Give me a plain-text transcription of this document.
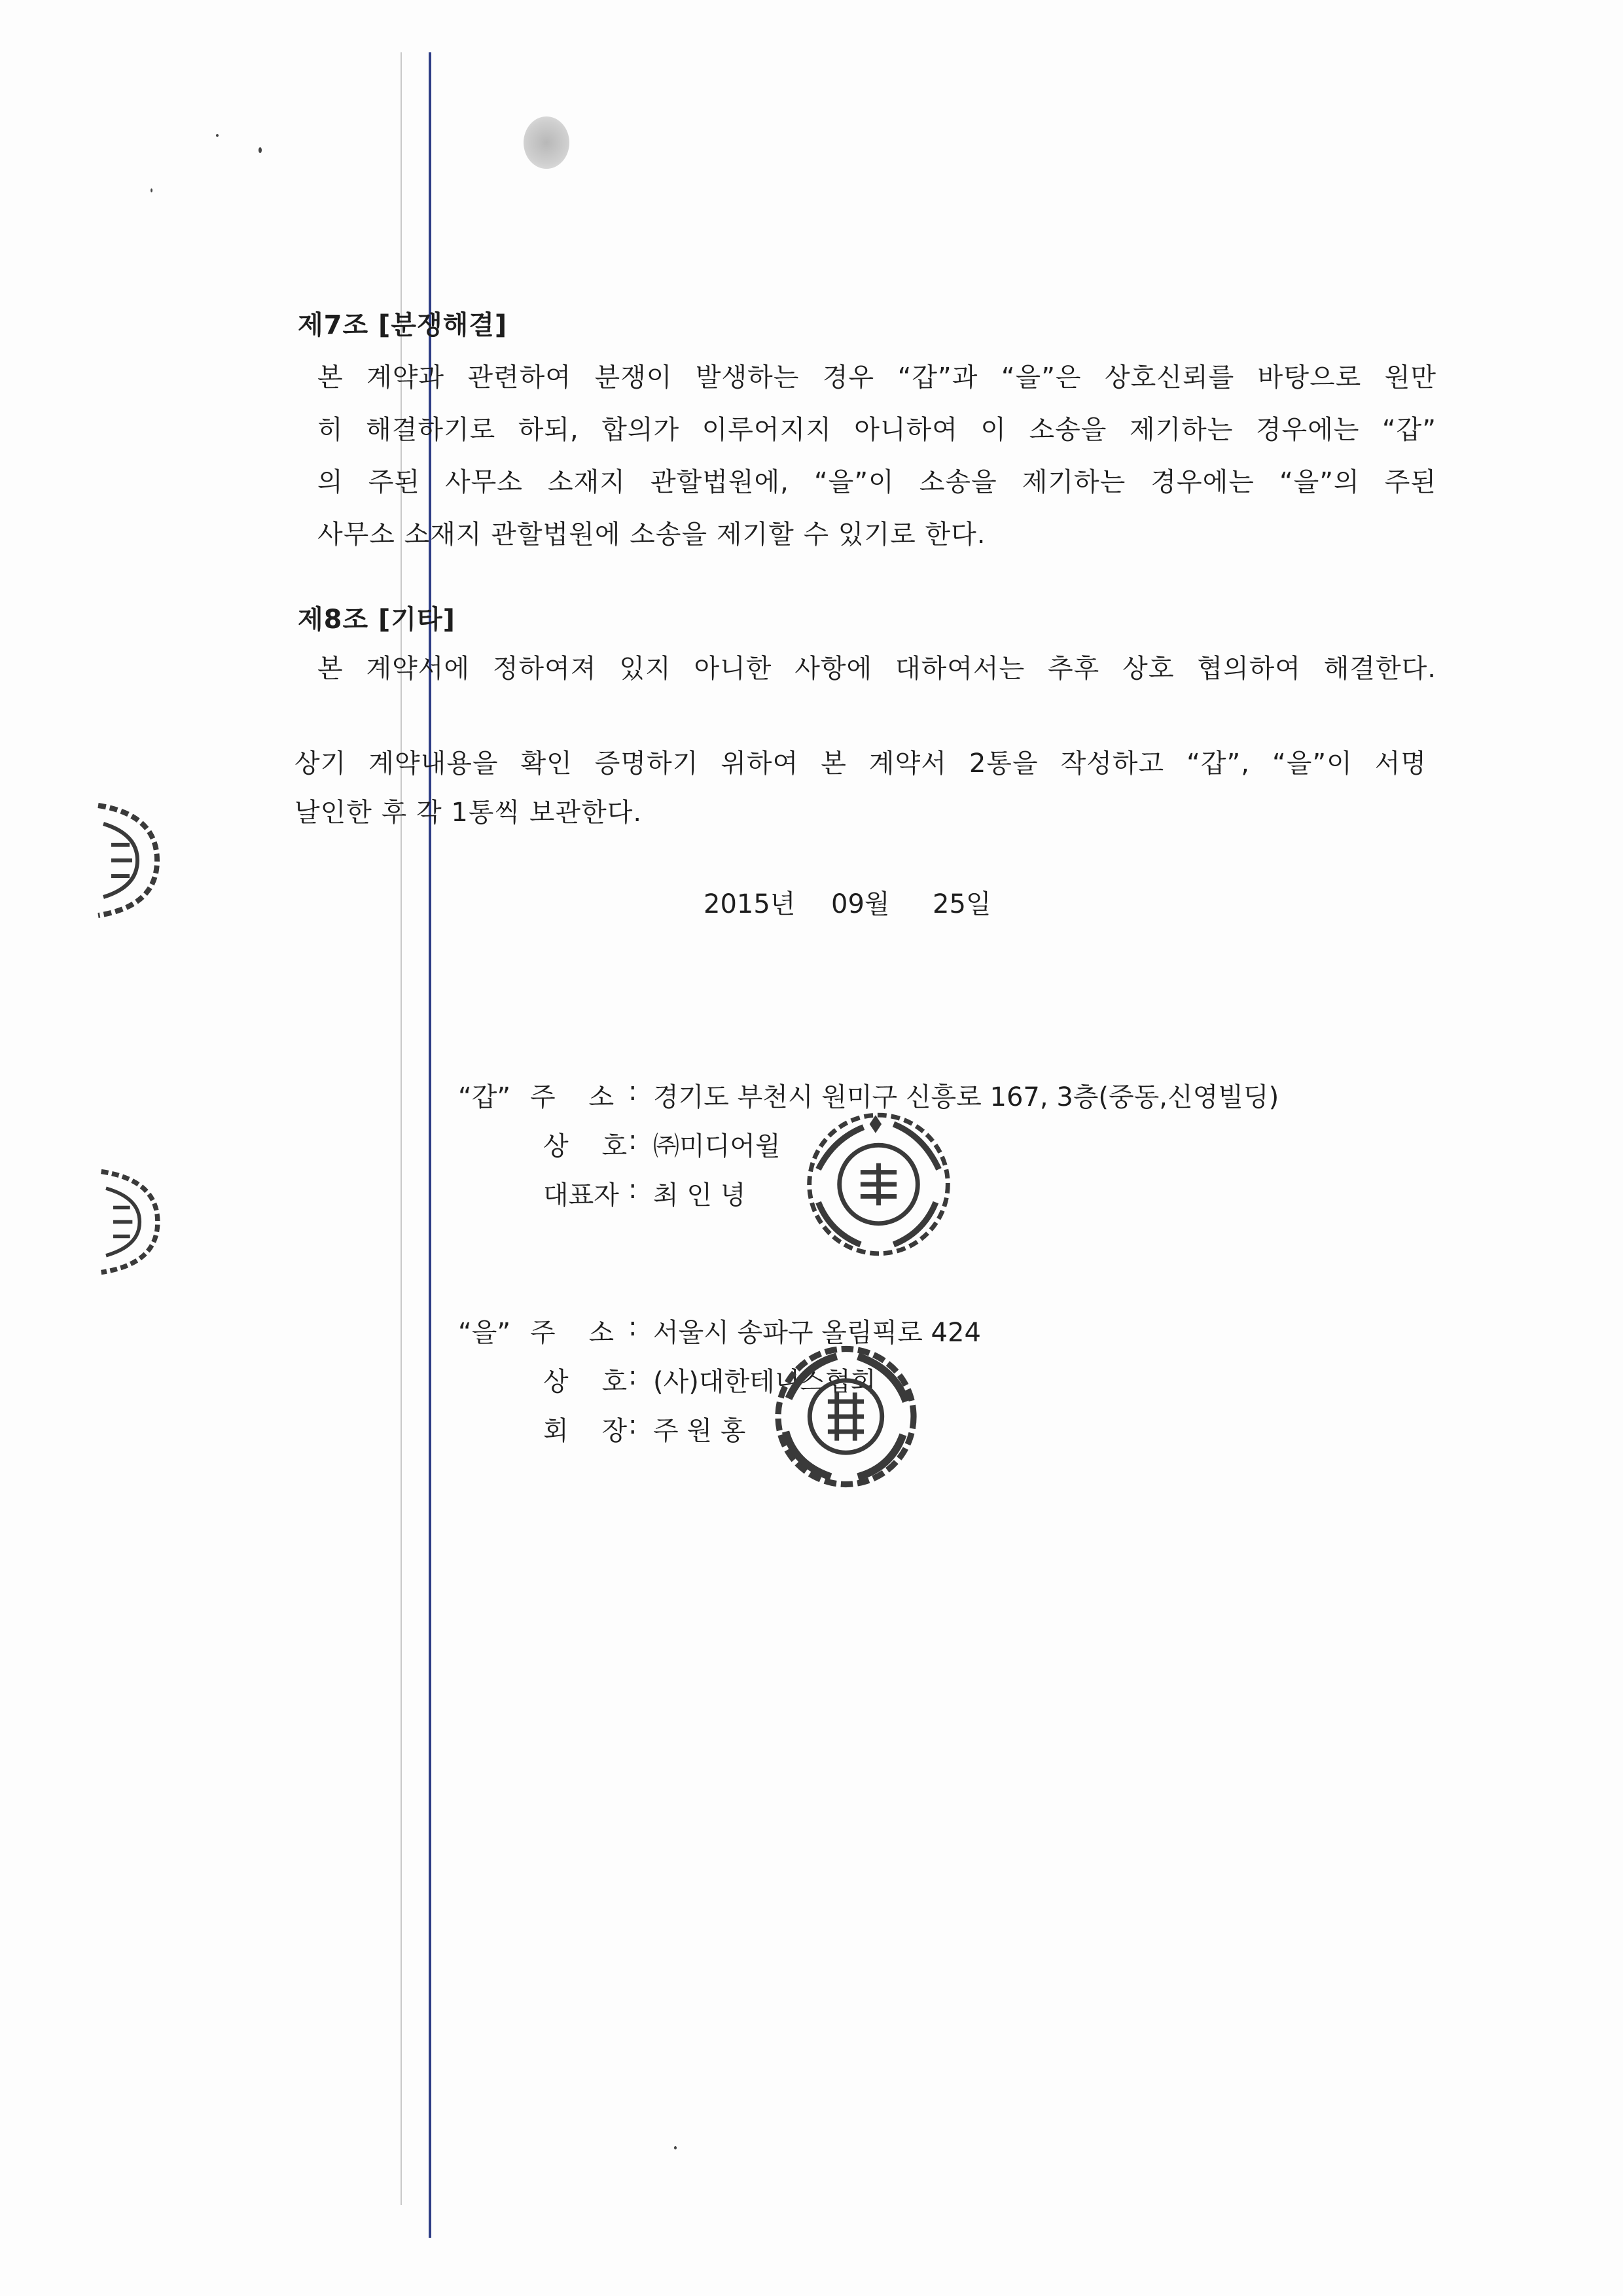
제7조 [분쟁해결]
본 계약과 관련하여 분쟁이 발생하는 경우 “갑”과 “을”은 상호신뢰를 바탕으로 원만
히 해결하기로 하되, 합의가 이루어지지 아니하여 이 소송을 제기하는 경우에는 “갑”
의 주된 사무소 소재지 관할법원에, “을”이 소송을 제기하는 경우에는 “을”의 주된
사무소 소재지 관할법원에 소송을 제기할 수 있기로 한다.
제8조 [기타]
본 계약서에 정하여져 있지 아니한 사항에 대하여서는 추후 상호 협의하여 해결한다.
상기 계약내용을 확인 증명하기 위하여 본 계약서 2통을 작성하고 “갑”, “을”이 서명
날인한 후 각 1통씩 보관한다.
2015년 09월 25일
“갑” 주    소 : 경기도 부천시 원미구 신흥로 167, 3층(중동,신영빌딩)
상    호 : ㈜미디어윌
대표자 : 최 인 녕
“을” 주    소 : 서울시 송파구 올림픽로 424
상    호 : (사)대한테니스협회
회    장 : 주 원 홍
